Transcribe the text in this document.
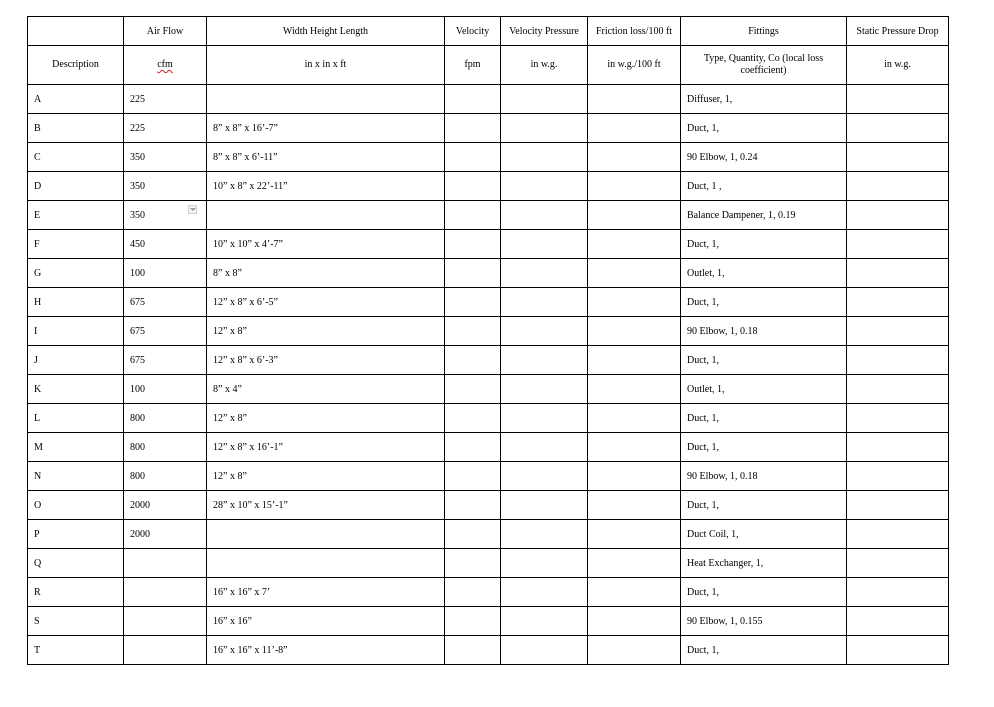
	Air Flow	Width Height Length	Velocity	Velocity Pressure	Friction loss/100 ft	Fittings	Static Pressure Drop
Description	cfm	in x in x ft	fpm	in w.g.	in w.g./100 ft	Type, Quantity, Co (local loss coefficient)	in w.g.

A	225					Diffuser, 1,	

B	225	8” x 8” x 16’-7”				Duct, 1,	

C	350	8” x 8” x 6’-11”				90 Elbow, 1, 0.24	

D	350	10” x 8” x 22’-11”				Duct, 1 ,	

E	350					Balance Dampener, 1, 0.19	

F	450	10” x 10” x 4’-7”				Duct, 1,	

G	100	8” x 8”				Outlet, 1,	

H	675	12” x 8” x 6’-5”				Duct, 1,	

I	675	12” x 8”				90 Elbow, 1, 0.18	

J	675	12” x 8” x 6’-3”				Duct, 1,	

K	100	8” x 4”				Outlet, 1,	

L	800	12” x 8”				Duct, 1,	

M	800	12” x 8” x 16’-1”				Duct, 1,	

N	800	12” x 8”				90 Elbow, 1, 0.18	

O	2000	28” x 10” x 15’-1”				Duct, 1,	

P	2000					Duct Coil, 1,	

Q						Heat Exchanger, 1,	

R		16” x 16” x 7’				Duct, 1,	

S		16” x 16”				90 Elbow, 1, 0.155	

T		16” x 16” x 11’-8”				Duct, 1,	
